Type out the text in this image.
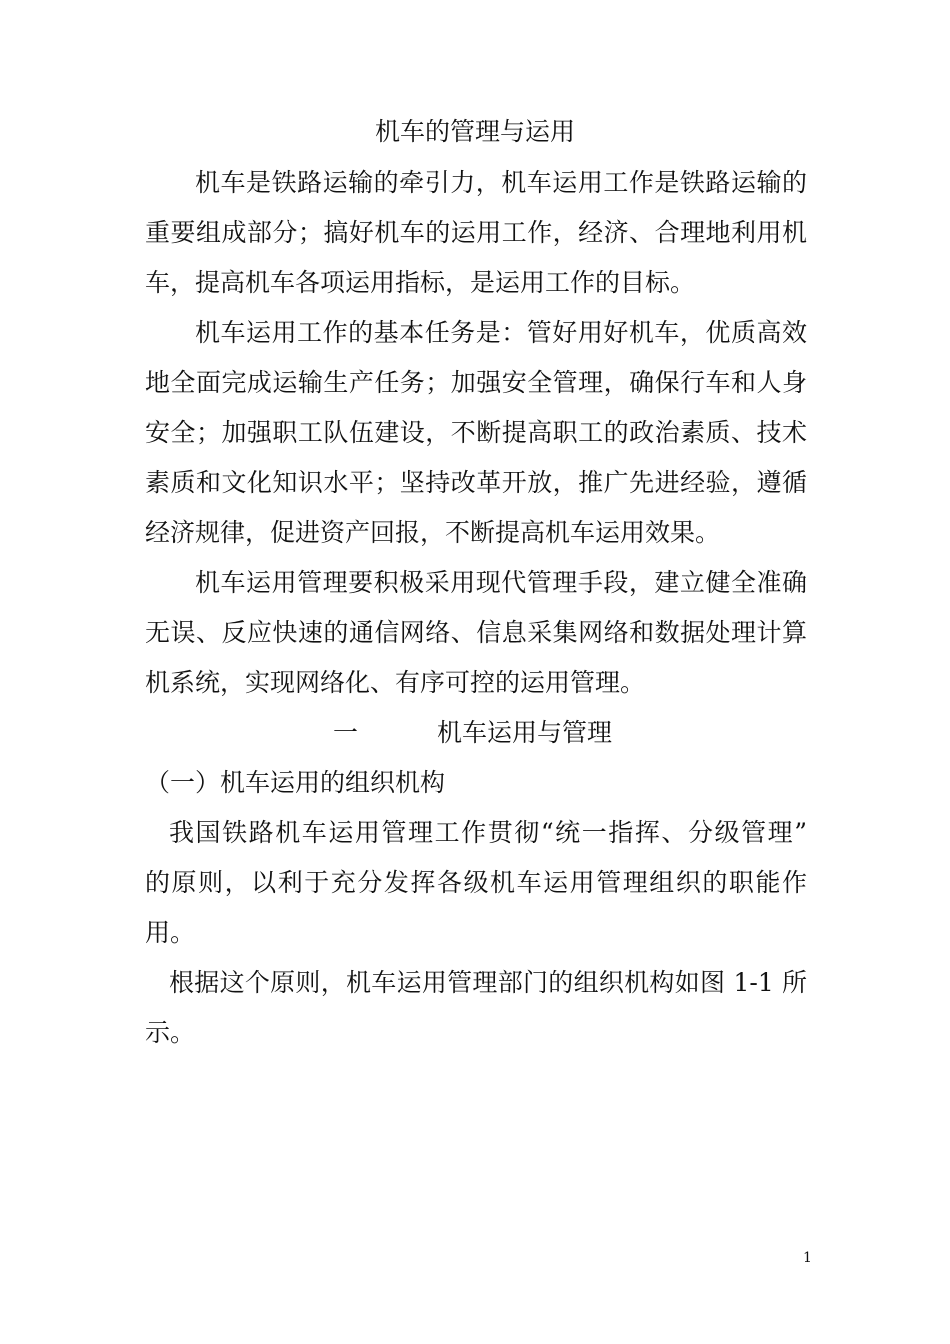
机车的管理与运用
机车是铁路运输的牵引力，机车运用工作是铁路运输的
重要组成部分；搞好机车的运用工作，经济、合理地利用机
车，提高机车各项运用指标，是运用工作的目标。
机车运用工作的基本任务是：管好用好机车，优质高效
地全面完成运输生产任务；加强安全管理，确保行车和人身
安全；加强职工队伍建设，不断提高职工的政治素质、技术
素质和文化知识水平；坚持改革开放，推广先进经验，遵循
经济规律，促进资产回报，不断提高机车运用效果。
机车运用管理要积极采用现代管理手段，建立健全准确
无误、反应快速的通信网络、信息采集网络和数据处理计算
机系统，实现网络化、有序可控的运用管理。
一	机车运用与管理
（一）机车运用的组织机构
我国铁路机车运用管理工作贯彻“统一指挥、分级管理”
的原则，以利于充分发挥各级机车运用管理组织的职能作
用。
根据这个原则，机车运用管理部门的组织机构如图 1-1 所
示。
1
